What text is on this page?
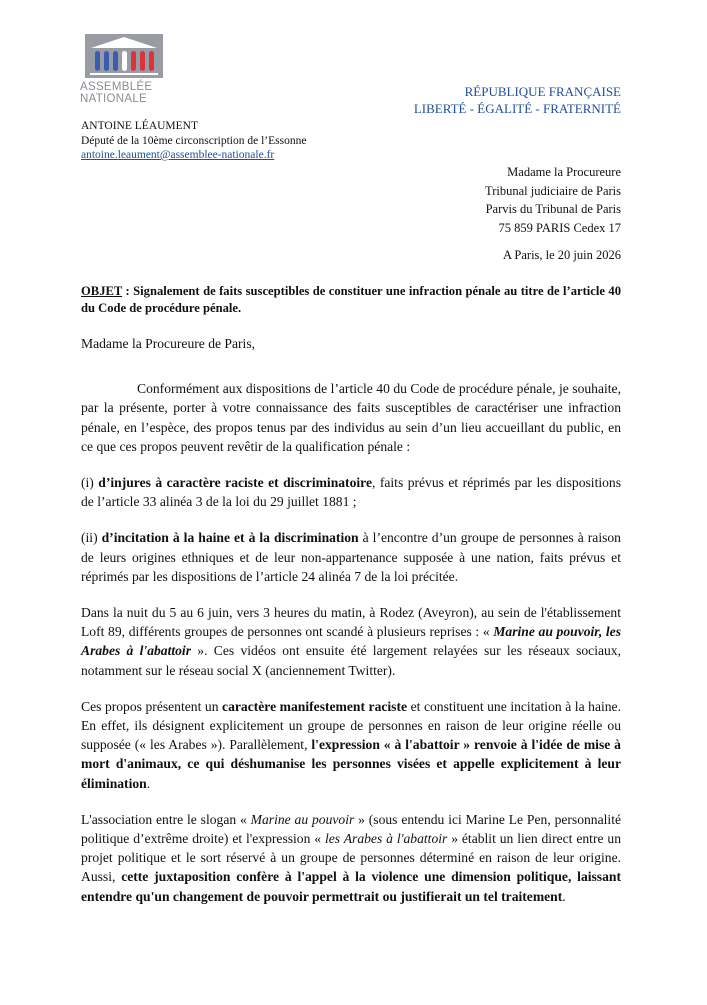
ASSEMBLÉE
NATIONALE	RÉPUBLIQUE FRANÇAISE
LIBERTÉ - ÉGALITÉ - FRATERNITÉ
ANTOINE LÉAUMENT
Député de la 10ème circonscription de l’Essonne
antoine.leaument@assemblee-nationale.fr
Madame la Procureure
Tribunal judiciaire de Paris
Parvis du Tribunal de Paris
75 859 PARIS Cedex 17
A Paris, le 20 juin 2026

OBJET : Signalement de faits susceptibles de constituer une infraction pénale au titre de l’article 40 du Code de procédure pénale.

Madame la Procureure de Paris,

Conformément aux dispositions de l’article 40 du Code de procédure pénale, je souhaite, par la présente, porter à votre connaissance des faits susceptibles de caractériser une infraction pénale, en l’espèce, des propos tenus par des individus au sein d’un lieu accueillant du public, en ce que ces propos peuvent revêtir de la qualification pénale :

(i) d’injures à caractère raciste et discriminatoire, faits prévus et réprimés par les dispositions de l’article 33 alinéa 3 de la loi du 29 juillet 1881 ;

(ii) d’incitation à la haine et à la discrimination à l’encontre d’un groupe de personnes à raison de leurs origines ethniques et de leur non-appartenance supposée à une nation, faits prévus et réprimés par les dispositions de l’article 24 alinéa 7 de la loi précitée.

Dans la nuit du 5 au 6 juin, vers 3 heures du matin, à Rodez (Aveyron), au sein de l'établissement Loft 89, différents groupes de personnes ont scandé à plusieurs reprises : « Marine au pouvoir, les Arabes à l'abattoir ». Ces vidéos ont ensuite été largement relayées sur les réseaux sociaux, notamment sur le réseau social X (anciennement Twitter).

Ces propos présentent un caractère manifestement raciste et constituent une incitation à la haine. En effet, ils désignent explicitement un groupe de personnes en raison de leur origine réelle ou supposée (« les Arabes »). Parallèlement, l'expression « à l'abattoir » renvoie à l'idée de mise à mort d'animaux, ce qui déshumanise les personnes visées et appelle explicitement à leur élimination.

L'association entre le slogan « Marine au pouvoir » (sous entendu ici Marine Le Pen, personnalité politique d’extrême droite) et l'expression « les Arabes à l'abattoir » établit un lien direct entre un projet politique et le sort réservé à un groupe de personnes déterminé en raison de leur origine. Aussi, cette juxtaposition confère à l'appel à la violence une dimension politique, laissant entendre qu'un changement de pouvoir permettrait ou justifierait un tel traitement.
